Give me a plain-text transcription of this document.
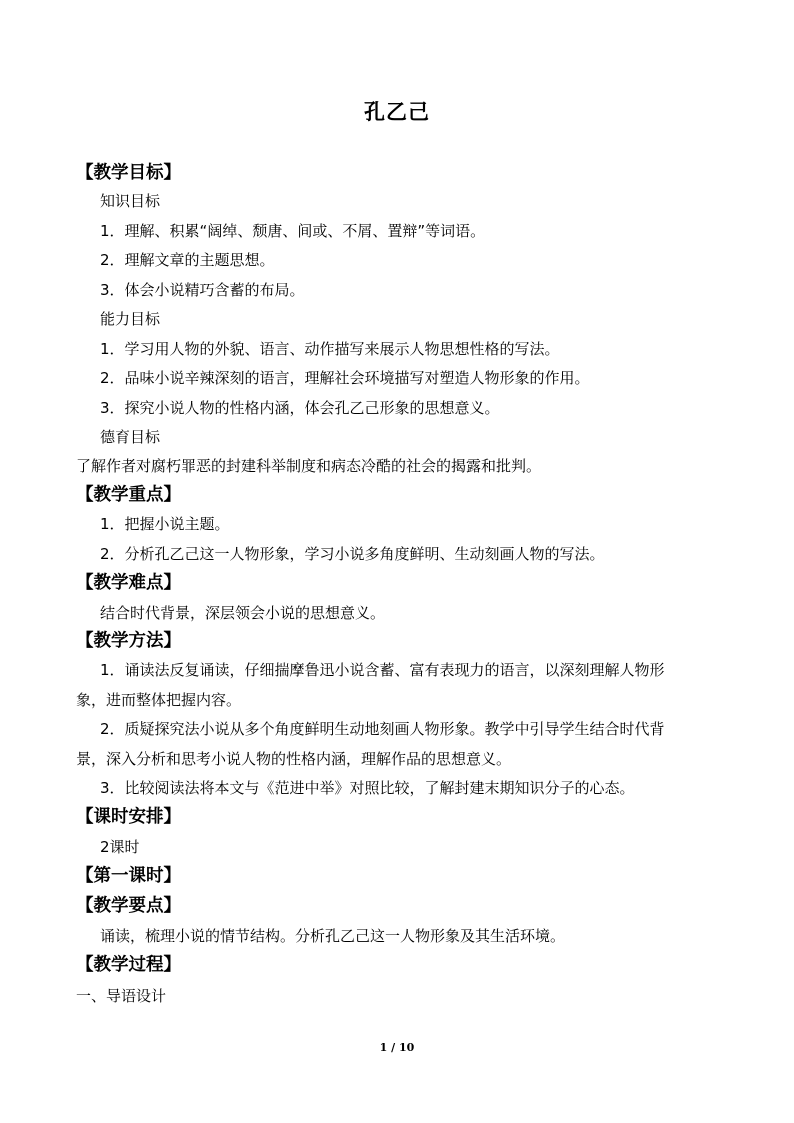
孔乙己
【教学目标】
知识目标
1．理解、积累“阔绰、颓唐、间或、不屑、置辩”等词语。
2．理解文章的主题思想。
3．体会小说精巧含蓄的布局。
能力目标
1．学习用人物的外貌、语言、动作描写来展示人物思想性格的写法。
2．品味小说辛辣深刻的语言，理解社会环境描写对塑造人物形象的作用。
3．探究小说人物的性格内涵，体会孔乙己形象的思想意义。
德育目标
了解作者对腐朽罪恶的封建科举制度和病态冷酷的社会的揭露和批判。
【教学重点】
1．把握小说主题。
2．分析孔乙己这一人物形象，学习小说多角度鲜明、生动刻画人物的写法。
【教学难点】
结合时代背景，深层领会小说的思想意义。
【教学方法】
1．诵读法反复诵读，仔细揣摩鲁迅小说含蓄、富有表现力的语言，以深刻理解人物形
象，进而整体把握内容。
2．质疑探究法小说从多个角度鲜明生动地刻画人物形象。教学中引导学生结合时代背
景，深入分析和思考小说人物的性格内涵，理解作品的思想意义。
3．比较阅读法将本文与《范进中举》对照比较，了解封建末期知识分子的心态。
【课时安排】
2课时
【第一课时】
【教学要点】
诵读，梳理小说的情节结构。分析孔乙己这一人物形象及其生活环境。
【教学过程】
一、导语设计
1 / 10
